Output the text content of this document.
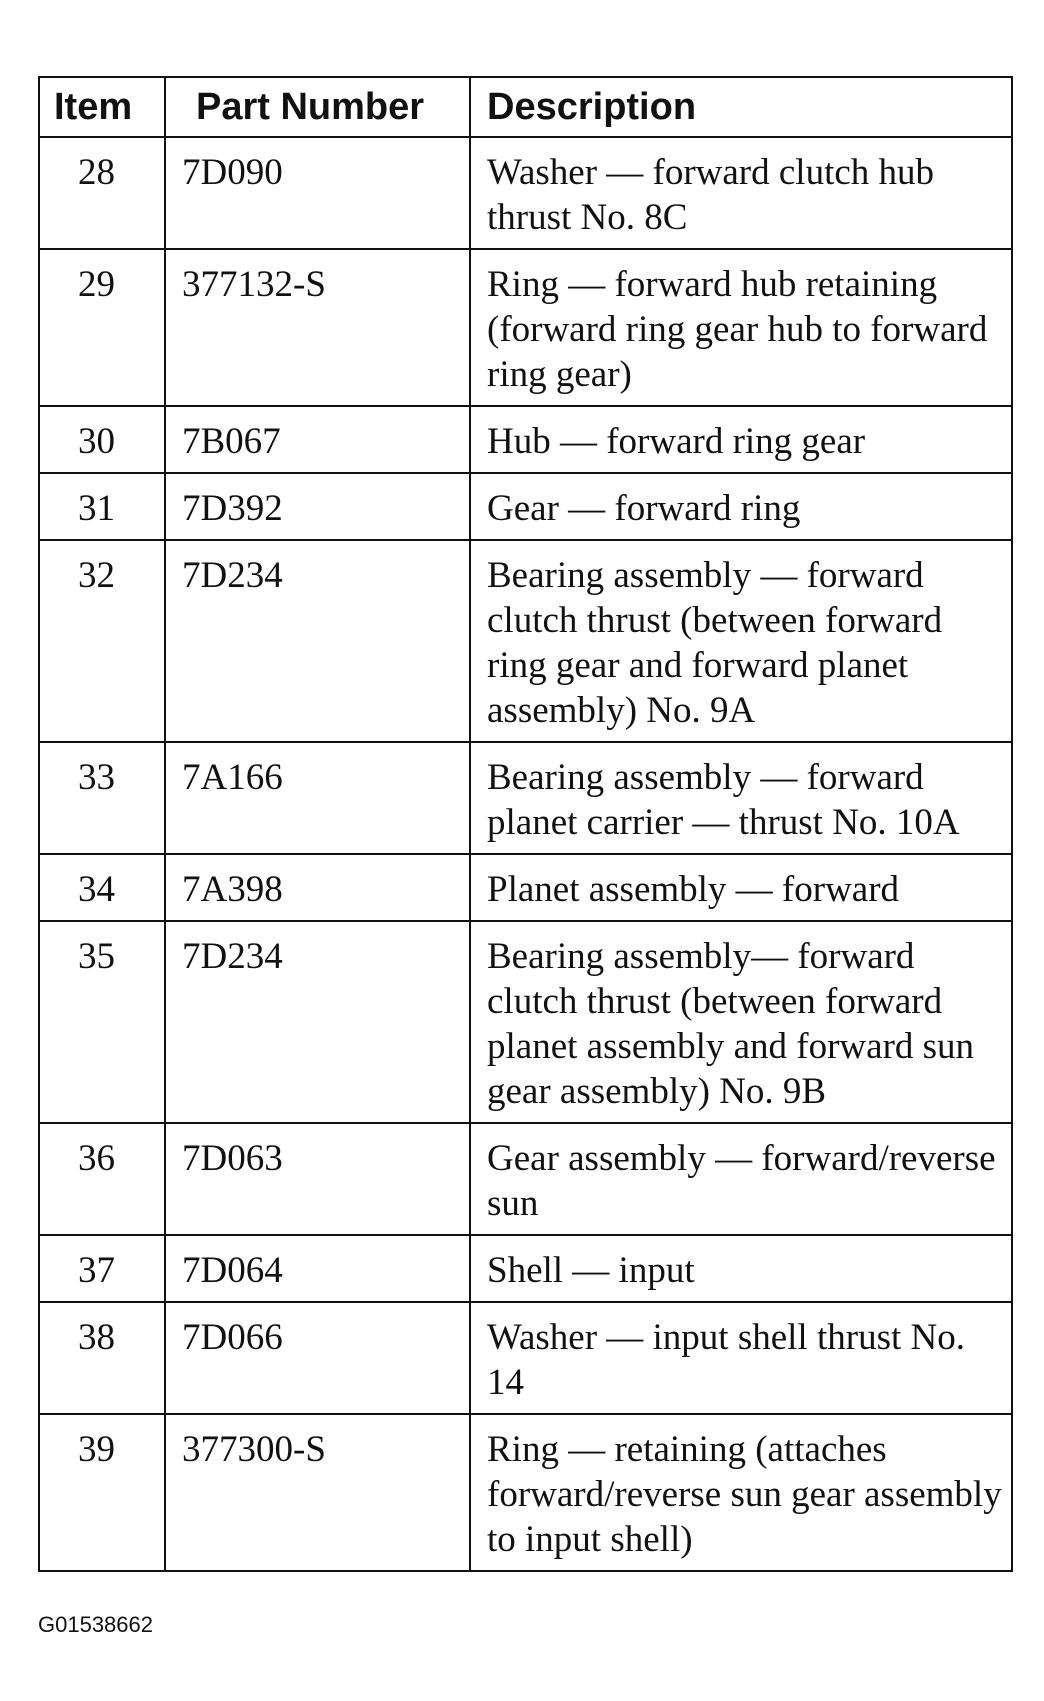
Item	Part Number	Description
28	7D090	Washer — forward clutch hub thrust No. 8C
29	377132-S	Ring — forward hub retaining (forward ring gear hub to forward ring gear)
30	7B067	Hub — forward ring gear
31	7D392	Gear — forward ring
32	7D234	Bearing assembly — forward clutch thrust (between forward ring gear and forward planet assembly) No. 9A
33	7A166	Bearing assembly — forward planet carrier — thrust No. 10A
34	7A398	Planet assembly — forward
35	7D234	Bearing assembly— forward clutch thrust (between forward planet assembly and forward sun gear assembly) No. 9B
36	7D063	Gear assembly — forward/reverse sun
37	7D064	Shell — input
38	7D066	Washer — input shell thrust No. 14
39	377300-S	Ring — retaining (attaches forward/reverse sun gear assembly to input shell)
G01538662
